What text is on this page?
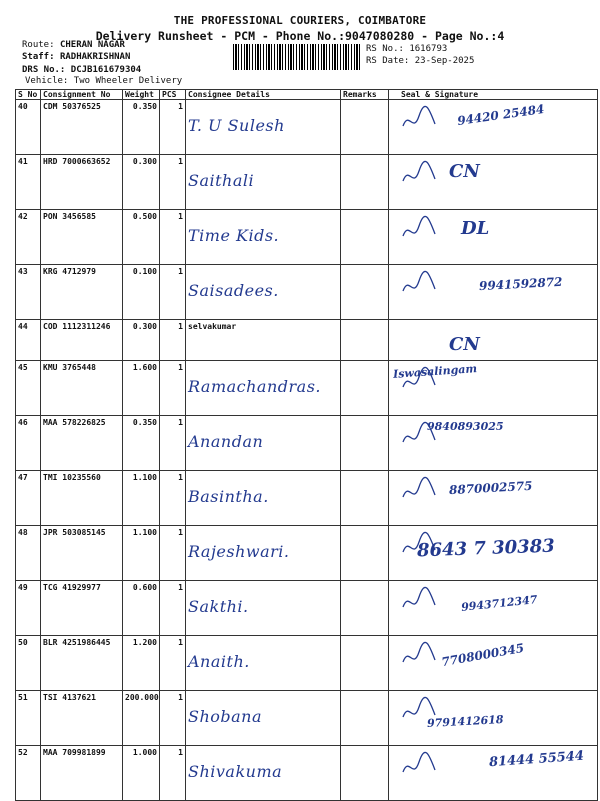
THE PROFESSIONAL COURIERS, COIMBATORE
Delivery Runsheet - PCM - Phone No.:9047080280 - Page No.:4
Route: CHERAN NAGAR
Staff: RADHAKRISHNAN
DRS No.: DCJB161679304
Vehicle: Two Wheeler Delivery
RS No.: 1616793
RS Date: 23-Sep-2025
S No	Consignment No	Weight	PCS	Consignee Details	Remarks	Seal & Signature
40	CDM 50376525	0.350	1	T. U Sulesh		94420 25484

41	HRD 7000663652	0.300	1	Saithali		CN

42	PON 3456585	0.500	1	Time Kids.		DL

43	KRG 4712979	0.100	1	Saisadees.		9941592872

44	COD 1112311246	0.300	1	selvakumar		CN

45	KMU 3765448	1.600	1	Ramachandras.		Iswasalingam

46	MAA 578226825	0.350	1	Anandan		9840893025

47	TMI 10235560	1.100	1	Basintha.		8870002575

48	JPR 503085145	1.100	1	Rajeshwari.		8643 7 30383

49	TCG 41929977	0.600	1	Sakthi.		9943712347

50	BLR 4251986445	1.200	1	Anaith.		7708000345

51	TSI 4137621	200.000	1	Shobana		9791412618

52	MAA 709981899	1.000	1	Shivakuma		81444 55544
